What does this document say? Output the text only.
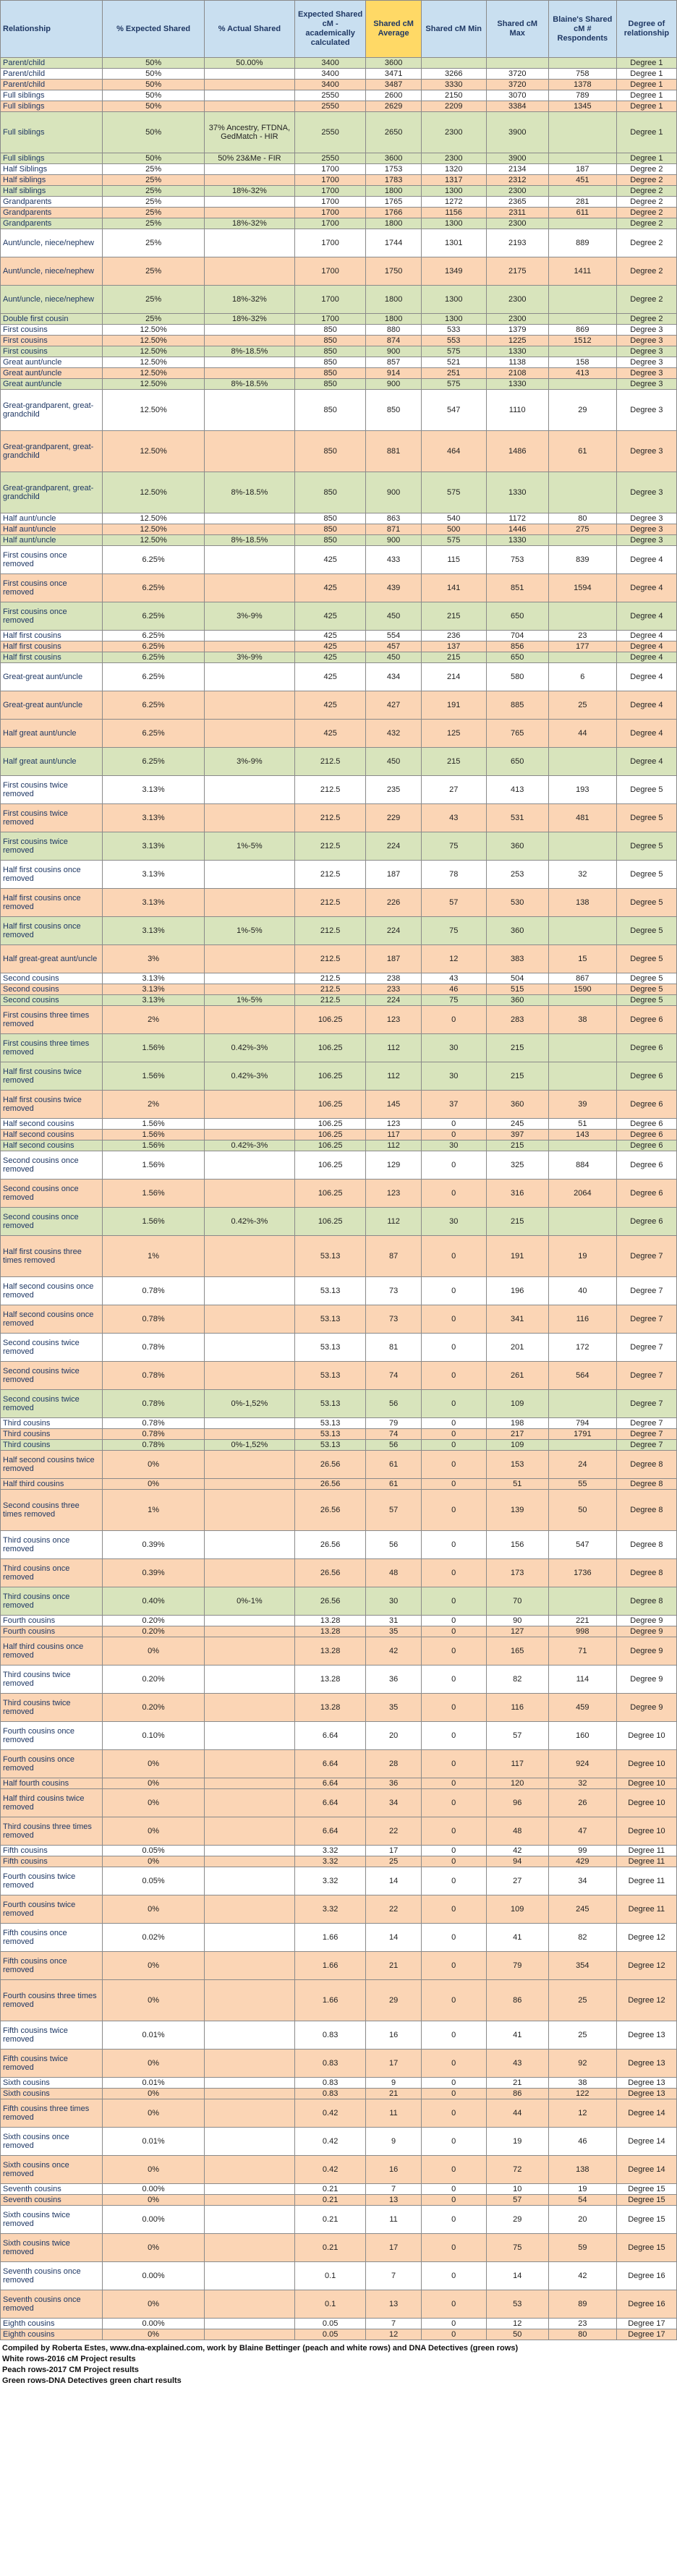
Relationship	% Expected Shared	% Actual Shared	Expected Shared cM - academically calculated	Shared cM Average	Shared cM Min	Shared cM Max	Blaine's Shared cM # Respondents	Degree of relationship
Parent/child	50%	50.00%	3400	3600				Degree 1
Parent/child	50%		3400	3471	3266	3720	758	Degree 1
Parent/child	50%		3400	3487	3330	3720	1378	Degree 1
Full siblings	50%		2550	2600	2150	3070	789	Degree 1
Full siblings	50%		2550	2629	2209	3384	1345	Degree 1
Full siblings	50%	37% Ancestry, FTDNA, GedMatch - HIR	2550	2650	2300	3900		Degree 1
Full siblings	50%	50% 23&Me - FIR	2550	3600	2300	3900		Degree 1
Half Siblings	25%		1700	1753	1320	2134	187	Degree 2
Half siblings	25%		1700	1783	1317	2312	451	Degree 2
Half siblings	25%	18%-32%	1700	1800	1300	2300		Degree 2
Grandparents	25%		1700	1765	1272	2365	281	Degree 2
Grandparents	25%		1700	1766	1156	2311	611	Degree 2
Grandparents	25%	18%-32%	1700	1800	1300	2300		Degree 2
Aunt/uncle, niece/nephew	25%		1700	1744	1301	2193	889	Degree 2
Aunt/uncle, niece/nephew	25%		1700	1750	1349	2175	1411	Degree 2
Aunt/uncle, niece/nephew	25%	18%-32%	1700	1800	1300	2300		Degree 2
Double first cousin	25%	18%-32%	1700	1800	1300	2300		Degree 2
First cousins	12.50%		850	880	533	1379	869	Degree 3
First cousins	12.50%		850	874	553	1225	1512	Degree 3
First cousins	12.50%	8%-18.5%	850	900	575	1330		Degree 3
Great aunt/uncle	12.50%		850	857	521	1138	158	Degree 3
Great aunt/uncle	12.50%		850	914	251	2108	413	Degree 3
Great aunt/uncle	12.50%	8%-18.5%	850	900	575	1330		Degree 3
Great-grandparent, great-grandchild	12.50%		850	850	547	1110	29	Degree 3
Great-grandparent, great-grandchild	12.50%		850	881	464	1486	61	Degree 3
Great-grandparent, great-grandchild	12.50%	8%-18.5%	850	900	575	1330		Degree 3
Half aunt/uncle	12.50%		850	863	540	1172	80	Degree 3
Half aunt/uncle	12.50%		850	871	500	1446	275	Degree 3
Half aunt/uncle	12.50%	8%-18.5%	850	900	575	1330		Degree 3
First cousins once removed	6.25%		425	433	115	753	839	Degree 4
First cousins once removed	6.25%		425	439	141	851	1594	Degree 4
First cousins once removed	6.25%	3%-9%	425	450	215	650		Degree 4
Half first cousins	6.25%		425	554	236	704	23	Degree 4
Half first cousins	6.25%		425	457	137	856	177	Degree 4
Half first cousins	6.25%	3%-9%	425	450	215	650		Degree 4
Great-great aunt/uncle	6.25%		425	434	214	580	6	Degree 4
Great-great aunt/uncle	6.25%		425	427	191	885	25	Degree 4
Half great aunt/uncle	6.25%		425	432	125	765	44	Degree 4
Half great aunt/uncle	6.25%	3%-9%	212.5	450	215	650		Degree 4
First cousins twice removed	3.13%		212.5	235	27	413	193	Degree 5
First cousins twice removed	3.13%		212.5	229	43	531	481	Degree 5
First cousins twice removed	3.13%	1%-5%	212.5	224	75	360		Degree 5
Half first cousins once removed	3.13%		212.5	187	78	253	32	Degree 5
Half first cousins once removed	3.13%		212.5	226	57	530	138	Degree 5
Half first cousins once removed	3.13%	1%-5%	212.5	224	75	360		Degree 5
Half great-great aunt/uncle	3%		212.5	187	12	383	15	Degree 5
Second cousins	3.13%		212.5	238	43	504	867	Degree 5
Second cousins	3.13%		212.5	233	46	515	1590	Degree 5
Second cousins	3.13%	1%-5%	212.5	224	75	360		Degree 5
First cousins three times removed	2%		106.25	123	0	283	38	Degree 6
First cousins three times removed	1.56%	0.42%-3%	106.25	112	30	215		Degree 6
Half first cousins twice removed	1.56%	0.42%-3%	106.25	112	30	215		Degree 6
Half first cousins twice removed	2%		106.25	145	37	360	39	Degree 6
Half second cousins	1.56%		106.25	123	0	245	51	Degree 6
Half second cousins	1.56%		106.25	117	0	397	143	Degree 6
Half second cousins	1.56%	0.42%-3%	106.25	112	30	215		Degree 6
Second cousins once removed	1.56%		106.25	129	0	325	884	Degree 6
Second cousins once removed	1.56%		106.25	123	0	316	2064	Degree 6
Second cousins once removed	1.56%	0.42%-3%	106.25	112	30	215		Degree 6
Half first cousins three times removed	1%		53.13	87	0	191	19	Degree 7
Half second cousins once removed	0.78%		53.13	73	0	196	40	Degree 7
Half second cousins once removed	0.78%		53.13	73	0	341	116	Degree 7
Second cousins twice removed	0.78%		53.13	81	0	201	172	Degree 7
Second cousins twice removed	0.78%		53.13	74	0	261	564	Degree 7
Second cousins twice removed	0.78%	0%-1,52%	53.13	56	0	109		Degree 7
Third cousins	0.78%		53.13	79	0	198	794	Degree 7
Third cousins	0.78%		53.13	74	0	217	1791	Degree 7
Third cousins	0.78%	0%-1,52%	53.13	56	0	109		Degree 7
Half second cousins twice removed	0%		26.56	61	0	153	24	Degree 8
Half third cousins	0%		26.56	61	0	51	55	Degree 8
Second cousins three times removed	1%		26.56	57	0	139	50	Degree 8
Third cousins once removed	0.39%		26.56	56	0	156	547	Degree 8
Third cousins once removed	0.39%		26.56	48	0	173	1736	Degree 8
Third cousins once removed	0.40%	0%-1%	26.56	30	0	70		Degree 8
Fourth cousins	0.20%		13.28	31	0	90	221	Degree 9
Fourth cousins	0.20%		13.28	35	0	127	998	Degree 9
Half third cousins once removed	0%		13.28	42	0	165	71	Degree 9
Third cousins twice removed	0.20%		13.28	36	0	82	114	Degree 9
Third cousins twice removed	0.20%		13.28	35	0	116	459	Degree 9
Fourth cousins once removed	0.10%		6.64	20	0	57	160	Degree 10
Fourth cousins once removed	0%		6.64	28	0	117	924	Degree 10
Half fourth cousins	0%		6.64	36	0	120	32	Degree 10
Half third cousins twice removed	0%		6.64	34	0	96	26	Degree 10
Third cousins three times removed	0%		6.64	22	0	48	47	Degree 10
Fifth cousins	0.05%		3.32	17	0	42	99	Degree 11
Fifth cousins	0%		3.32	25	0	94	429	Degree 11
Fourth cousins twice removed	0.05%		3.32	14	0	27	34	Degree 11
Fourth cousins twice removed	0%		3.32	22	0	109	245	Degree 11
Fifth cousins once removed	0.02%		1.66	14	0	41	82	Degree 12
Fifth cousins once removed	0%		1.66	21	0	79	354	Degree 12
Fourth cousins three times removed	0%		1.66	29	0	86	25	Degree 12
Fifth cousins twice removed	0.01%		0.83	16	0	41	25	Degree 13
Fifth cousins twice removed	0%		0.83	17	0	43	92	Degree 13
Sixth cousins	0.01%		0.83	9	0	21	38	Degree 13
Sixth cousins	0%		0.83	21	0	86	122	Degree 13
Fifth cousins three times removed	0%		0.42	11	0	44	12	Degree 14
Sixth cousins once removed	0.01%		0.42	9	0	19	46	Degree 14
Sixth cousins once removed	0%		0.42	16	0	72	138	Degree 14
Seventh cousins	0.00%		0.21	7	0	10	19	Degree 15
Seventh cousins	0%		0.21	13	0	57	54	Degree 15
Sixth cousins twice removed	0.00%		0.21	11	0	29	20	Degree 15
Sixth cousins twice removed	0%		0.21	17	0	75	59	Degree 15
Seventh cousins once removed	0.00%		0.1	7	0	14	42	Degree 16
Seventh cousins once removed	0%		0.1	13	0	53	89	Degree 16
Eighth cousins	0.00%		0.05	7	0	12	23	Degree 17
Eighth cousins	0%		0.05	12	0	50	80	Degree 17
Compiled by Roberta Estes, www.dna-explained.com, work by Blaine Bettinger (peach and white rows) and DNA Detectives (green rows)
White rows-2016 cM Project results
Peach rows-2017 CM Project results
Green rows-DNA Detectives green chart results
